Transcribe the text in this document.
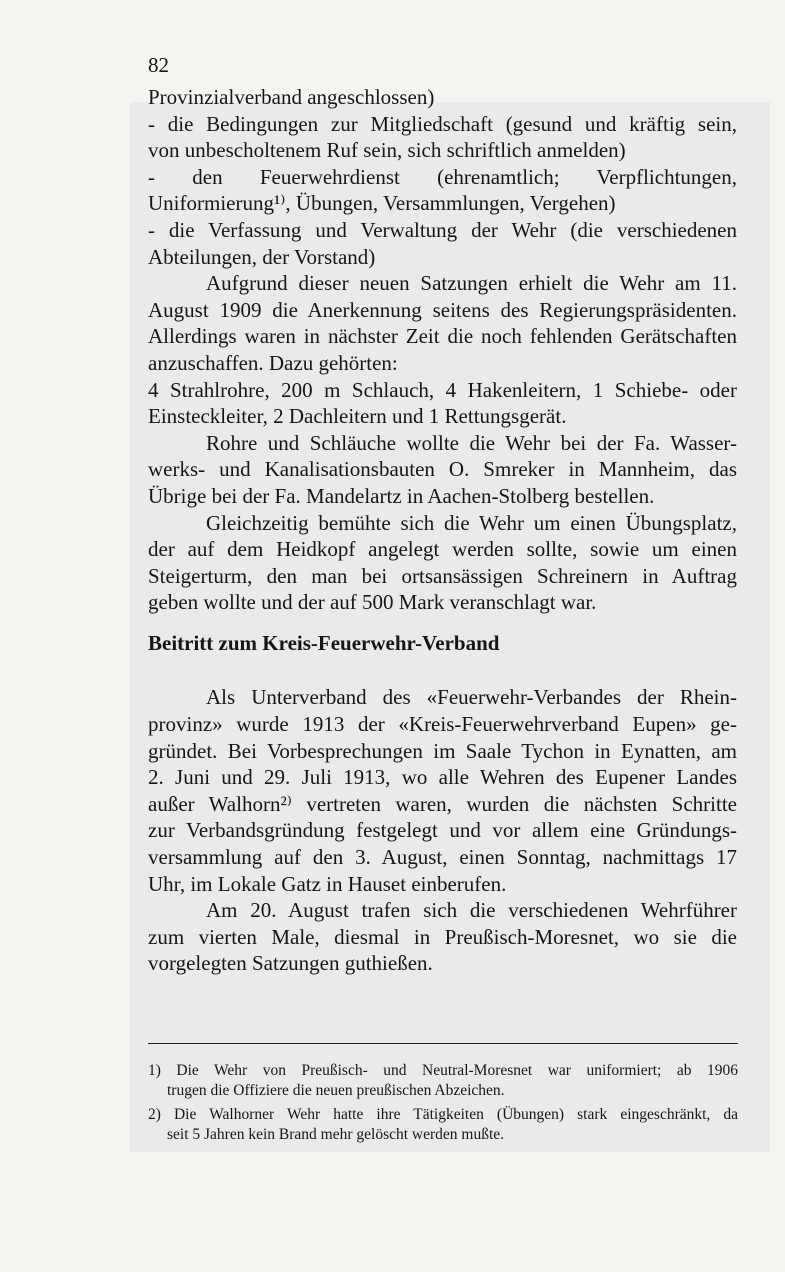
82
Provinzialverband angeschlossen)
- die Bedingungen zur Mitgliedschaft (gesund und kräftig sein,
von unbescholtenem Ruf sein, sich schriftlich anmelden)
- den Feuerwehrdienst (ehrenamtlich; Verpflichtungen,
Uniformierung¹⁾, Übungen, Versammlungen, Vergehen)
- die Verfassung und Verwaltung der Wehr (die verschiedenen
Abteilungen, der Vorstand)
Aufgrund dieser neuen Satzungen erhielt die Wehr am 11.
August 1909 die Anerkennung seitens des Regierungspräsidenten.
Allerdings waren in nächster Zeit die noch fehlenden Gerätschaften
anzuschaffen. Dazu gehörten:
4 Strahlrohre, 200 m Schlauch, 4 Hakenleitern, 1 Schiebe- oder
Einsteckleiter, 2 Dachleitern und 1 Rettungsgerät.
Rohre und Schläuche wollte die Wehr bei der Fa. Wasser-
werks- und Kanalisationsbauten O. Smreker in Mannheim, das
Übrige bei der Fa. Mandelartz in Aachen-Stolberg bestellen.
Gleichzeitig bemühte sich die Wehr um einen Übungsplatz,
der auf dem Heidkopf angelegt werden sollte, sowie um einen
Steigerturm, den man bei ortsansässigen Schreinern in Auftrag
geben wollte und der auf 500 Mark veranschlagt war.
Beitritt zum Kreis-Feuerwehr-Verband
Als Unterverband des «Feuerwehr-Verbandes der Rhein-
provinz» wurde 1913 der «Kreis-Feuerwehrverband Eupen» ge-
gründet. Bei Vorbesprechungen im Saale Tychon in Eynatten, am
2. Juni und 29. Juli 1913, wo alle Wehren des Eupener Landes
außer Walhorn²⁾ vertreten waren, wurden die nächsten Schritte
zur Verbandsgründung festgelegt und vor allem eine Gründungs-
versammlung auf den 3. August, einen Sonntag, nachmittags 17
Uhr, im Lokale Gatz in Hauset einberufen.
Am 20. August trafen sich die verschiedenen Wehrführer
zum vierten Male, diesmal in Preußisch-Moresnet, wo sie die
vorgelegten Satzungen guthießen.
1) Die Wehr von Preußisch- und Neutral-Moresnet war uniformiert; ab 1906
trugen die Offiziere die neuen preußischen Abzeichen.
2) Die Walhorner Wehr hatte ihre Tätigkeiten (Übungen) stark eingeschränkt, da
seit 5 Jahren kein Brand mehr gelöscht werden mußte.
